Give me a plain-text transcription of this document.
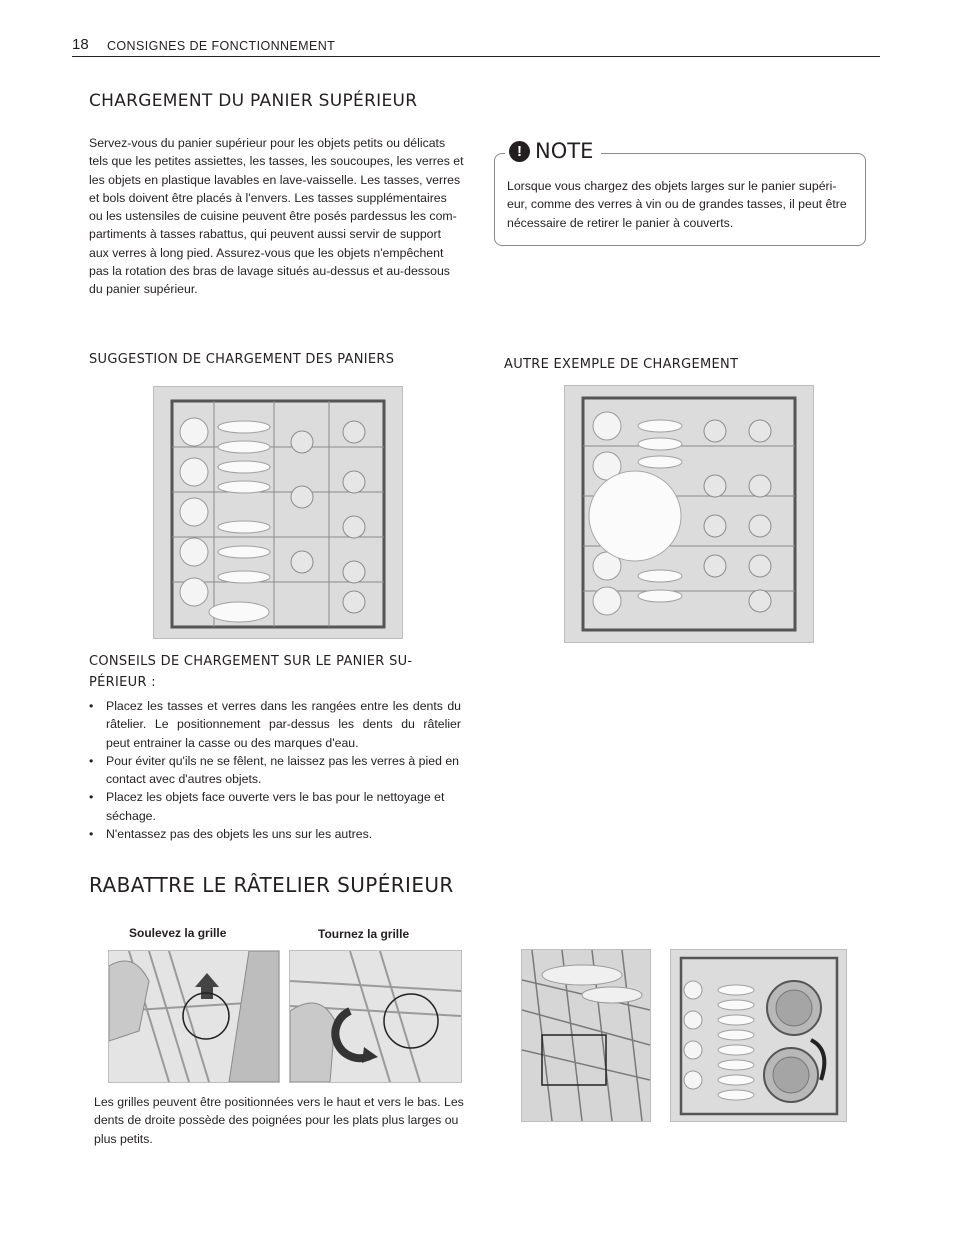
18 CONSIGNES DE FONCTIONNEMENT
CHARGEMENT DU PANIER SUPÉRIEUR
Servez-vous du panier supérieur pour les objets petits ou délicats
tels que les petites assiettes, les tasses, les soucoupes, les verres et
les objets en plastique lavables en lave-vaisselle. Les tasses, verres
et bols doivent être placés à l'envers. Les tasses supplémentaires
ou les ustensiles de cuisine peuvent être posés pardessus les com-
partiments à tasses rabattus, qui peuvent aussi servir de support
aux verres à long pied. Assurez-vous que les objets n'empêchent
pas la rotation des bras de lavage situés au-dessus et au-dessous
du panier supérieur.
! NOTE
Lorsque vous chargez des objets larges sur le panier supéri-
eur, comme des verres à vin ou de grandes tasses, il peut être
nécessaire de retirer le panier à couverts.
SUGGESTION DE CHARGEMENT DES PANIERS	AUTRE EXEMPLE DE CHARGEMENT
CONSEILS DE CHARGEMENT SUR LE PANIER SU-
PÉRIEUR :
• Placez les tasses et verres dans les rangées entre les dents du
râtelier. Le positionnement par-dessus les dents du râtelier
peut entrainer la casse ou des marques d'eau.
• Pour éviter qu'ils ne se fêlent, ne laissez pas les verres à pied en
contact avec d'autres objets.
• Placez les objets face ouverte vers le bas pour le nettoyage et
séchage.
• N'entassez pas des objets les uns sur les autres.
RABATTRE LE RÂTELIER SUPÉRIEUR
Soulevez la grille	Tournez la grille
Les grilles peuvent être positionnées vers le haut et vers le bas. Les
dents de droite possède des poignées pour les plats plus larges ou
plus petits.
